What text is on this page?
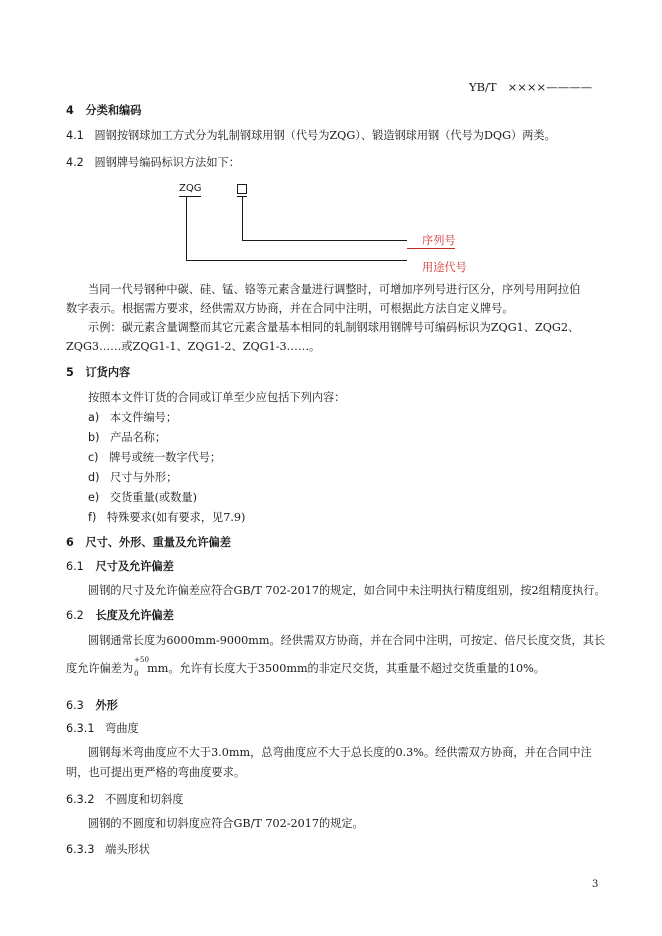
YB/T ××××————
4 分类和编码
4.1 圆钢按钢球加工方式分为轧制钢球用钢（代号为ZQG）、锻造钢球用钢（代号为DQG）两类。
4.2 圆钢牌号编码标识方法如下：
ZQG
序列号
用途代号
当同一代号钢种中碳、硅、锰、铬等元素含量进行调整时，可增加序列号进行区分，序列号用阿拉伯
数字表示。根据需方要求，经供需双方协商，并在合同中注明，可根据此方法自定义牌号。
示例：碳元素含量调整而其它元素含量基本相同的轧制钢球用钢牌号可编码标识为ZQG1、ZQG2、
ZQG3……或ZQG1-1、ZQG1-2、ZQG1-3……。
5 订货内容
按照本文件订货的合同或订单至少应包括下列内容：
a) 本文件编号；
b) 产品名称；
c) 牌号或统一数字代号；
d) 尺寸与外形；
e) 交货重量(或数量)
f) 特殊要求(如有要求，见7.9)
6 尺寸、外形、重量及允许偏差
6.1 尺寸及允许偏差
圆钢的尺寸及允许偏差应符合GB/T 702-2017的规定，如合同中未注明执行精度组别，按2组精度执行。
6.2 长度及允许偏差
圆钢通常长度为6000mm-9000mm。经供需双方协商，并在合同中注明，可按定、倍尺长度交货，其长
度允许偏差为
+50
0 mm。允许有长度大于3500mm的非定尺交货，其重量不超过交货重量的10%。
6.3 外形
6.3.1 弯曲度
圆钢每米弯曲度应不大于3.0mm，总弯曲度应不大于总长度的0.3%。经供需双方协商，并在合同中注
明，也可提出更严格的弯曲度要求。
6.3.2 不圆度和切斜度
圆钢的不圆度和切斜度应符合GB/T 702-2017的规定。
6.3.3 端头形状
3
